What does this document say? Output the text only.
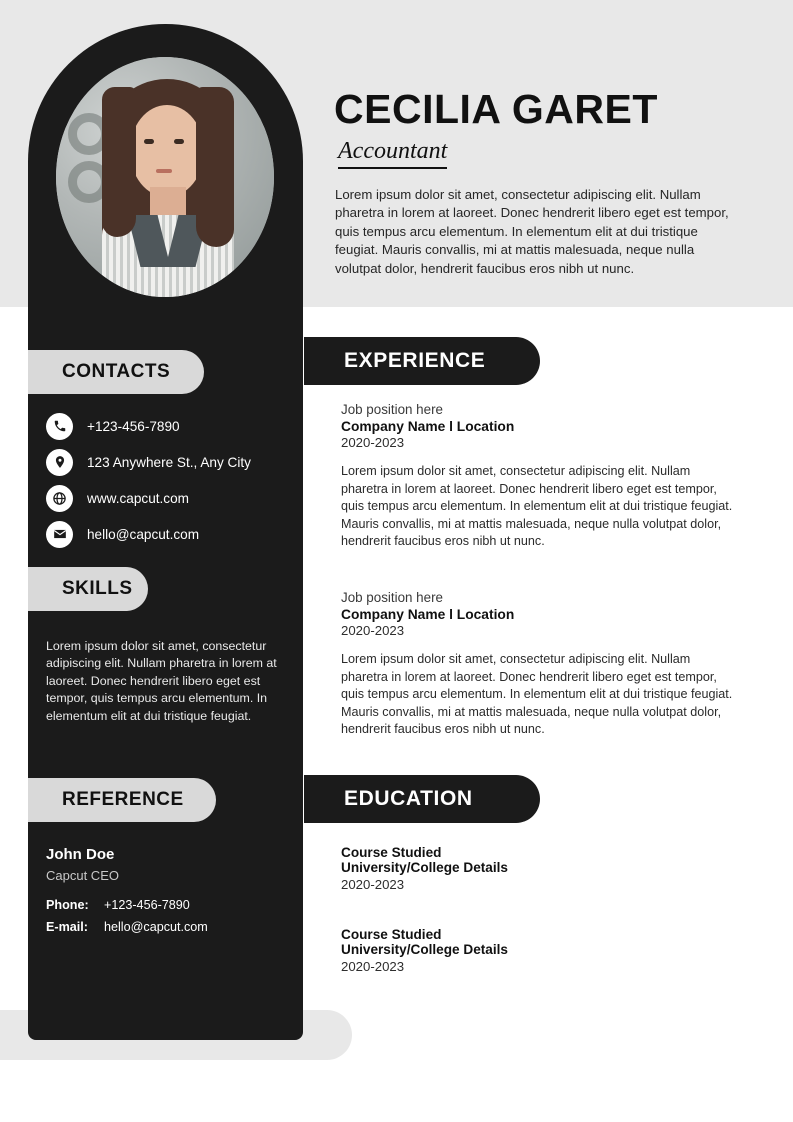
CECILIA GARET
Accountant
Lorem ipsum dolor sit amet, consectetur adipiscing elit. Nullam pharetra in lorem at laoreet. Donec hendrerit libero eget est tempor, quis tempus arcu elementum. In elementum elit at dui tristique feugiat. Mauris convallis, mi at mattis malesuada, neque nulla volutpat dolor, hendrerit faucibus eros nibh ut nunc.
CONTACTS
SKILLS
REFERENCE
+123-456-7890
123 Anywhere St., Any City
www.capcut.com
hello@capcut.com
Lorem ipsum dolor sit amet, consectetur adipiscing elit. Nullam pharetra in lorem at laoreet. Donec hendrerit libero eget est tempor, quis tempus arcu elementum. In elementum elit at dui tristique feugiat.
John Doe
Capcut CEO
Phone: +123-456-7890
E-mail: hello@capcut.com
EXPERIENCE
Job position here
Company Name l Location
2020-2023
Lorem ipsum dolor sit amet, consectetur adipiscing elit. Nullam pharetra in lorem at laoreet. Donec hendrerit libero eget est tempor, quis tempus arcu elementum. In elementum elit at dui tristique feugiat. Mauris convallis, mi at mattis malesuada, neque nulla volutpat dolor, hendrerit faucibus eros nibh ut nunc.
Job position here
Company Name l Location
2020-2023
Lorem ipsum dolor sit amet, consectetur adipiscing elit. Nullam pharetra in lorem at laoreet. Donec hendrerit libero eget est tempor, quis tempus arcu elementum. In elementum elit at dui tristique feugiat. Mauris convallis, mi at mattis malesuada, neque nulla volutpat dolor, hendrerit faucibus eros nibh ut nunc.
EDUCATION
Course Studied
University/College Details
2020-2023
Course Studied
University/College Details
2020-2023
